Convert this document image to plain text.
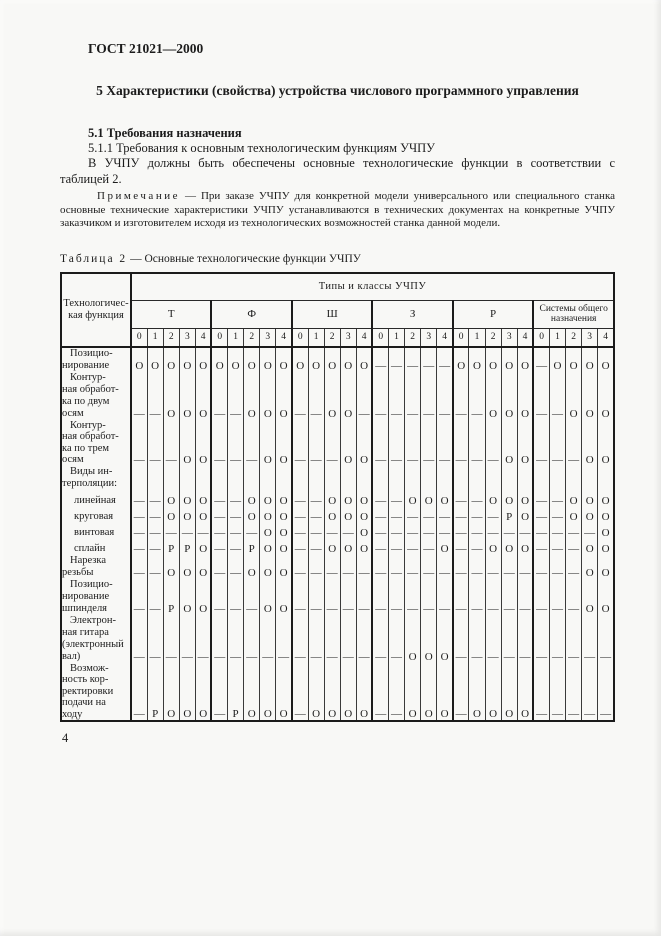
ГОСТ 21021—2000
5 Характеристики (свойства) устройства числового программного управления
5.1 Требования назначения
5.1.1 Требования к основным технологическим функциям УЧПУ
В УЧПУ должны быть обеспечены основные технологические функции в соответствии с таблицей 2.
Примечание — При заказе УЧПУ для конкретной модели универсального или специального станка основные технические характеристики УЧПУ устанавливаются в технических документах на конкретные УЧПУ заказчиком и изготовителем исходя из технологических возможностей станка данной модели.
Таблица 2 — Основные технологические функции УЧПУ
Технологичес-
кая функция	Типы и классы УЧПУ																													
	Т					Ф					Ш					З					Р					Системы общего назначения				
	0	1	2	3	4	0	1	2	3	4	0	1	2	3	4	0	1	2	3	4	0	1	2	3	4	0	1	2	3	4
Позицио-
нирование	О	О	О	О	О	О	О	О	О	О	О	О	О	О	О	—	—	—	—	—	О	О	О	О	О	—	О	О	О	О
Контур-
ная обработ-
ка по двум
осям	—	—	О	О	О	—	—	О	О	О	—	—	О	О	—	—	—	—	—	—	—	—	О	О	О	—	—	О	О	О
Контур-
ная обработ-
ка по трем
осям	—	—	—	О	О	—	—	—	О	О	—	—	—	О	О	—	—	—	—	—	—	—	—	О	О	—	—	—	О	О
Виды ин-
терполяции:																														
линейная	—	—	О	О	О	—	—	О	О	О	—	—	О	О	О	—	—	О	О	О	—	—	О	О	О	—	—	О	О	О
круговая	—	—	О	О	О	—	—	О	О	О	—	—	О	О	О	—	—	—	—	—	—	—	—	Р	О	—	—	О	О	О
винтовая	—	—	—	—	—	—	—	—	О	О	—	—	—	—	О	—	—	—	—	—	—	—	—	—	—	—	—	—	—	О
сплайн	—	—	Р	Р	О	—	—	Р	О	О	—	—	О	О	О	—	—	—	—	О	—	—	О	О	О	—	—	—	О	О
Нарезка
резьбы	—	—	О	О	О	—	—	О	О	О	—	—	—	—	—	—	—	—	—	—	—	—	—	—	—	—	—	—	О	О
Позицио-
нирование
шпинделя	—	—	Р	О	О	—	—	—	О	О	—	—	—	—	—	—	—	—	—	—	—	—	—	—	—	—	—	—	О	О
Электрон-
ная гитара
(электронный
вал)	—	—	—	—	—	—	—	—	—	—	—	—	—	—	—	—	—	О	О	О	—	—	—	—	—	—	—	—	—	—
Возмож-
ность кор-
ректировки
подачи на
ходу	—	Р	О	О	О	—	Р	О	О	О	—	О	О	О	О	—	—	О	О	О	—	О	О	О	О	—	—	—	—	—
4
